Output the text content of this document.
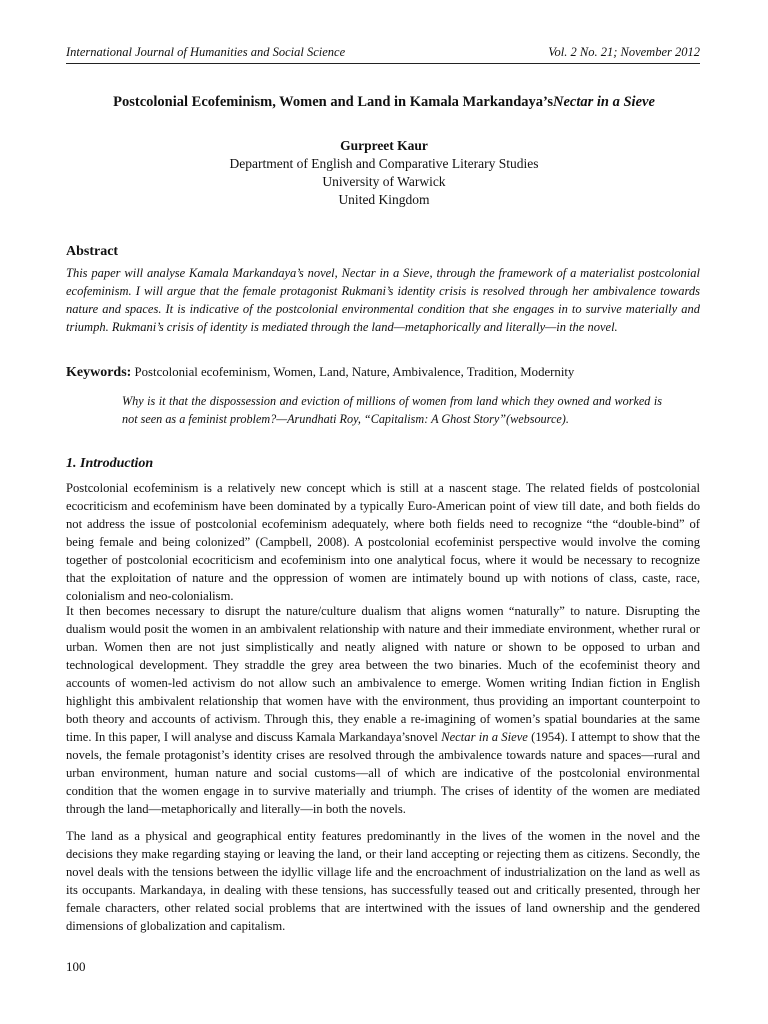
International Journal of Humanities and Social Science	Vol. 2 No. 21; November 2012
Postcolonial Ecofeminism, Women and Land in Kamala Markandaya’sNectar in a Sieve
Gurpreet Kaur
Department of English and Comparative Literary Studies
University of Warwick
United Kingdom
Abstract

This paper will analyse Kamala Markandaya’s novel, Nectar in a Sieve, through the framework of a materialist postcolonial ecofeminism. I will argue that the female protagonist Rukmani’s identity crisis is resolved through her ambivalence towards nature and spaces. It is indicative of the postcolonial environmental condition that she engages in to survive materially and triumph. Rukmani’s crisis of identity is mediated through the land—metaphorically and literally—in the novel.

Keywords: Postcolonial ecofeminism, Women, Land, Nature, Ambivalence, Tradition, Modernity

Why is it that the dispossession and eviction of millions of women from land which they owned and worked is not seen as a feminist problem?—Arundhati Roy, “Capitalism: A Ghost Story”(websource).

1. Introduction

Postcolonial ecofeminism is a relatively new concept which is still at a nascent stage. The related fields of postcolonial ecocriticism and ecofeminism have been dominated by a typically Euro-American point of view till date, and both fields do not address the issue of postcolonial ecofeminism adequately, where both fields need to recognize “the “double-bind” of being female and being colonized” (Campbell, 2008). A postcolonial ecofeminist perspective would involve the coming together of postcolonial ecocriticism and ecofeminism into one analytical focus, where it would be necessary to recognize that the exploitation of nature and the oppression of women are intimately bound up with notions of class, caste, race, colonialism and neo-colonialism.

It then becomes necessary to disrupt the nature/culture dualism that aligns women “naturally” to nature. Disrupting the dualism would posit the women in an ambivalent relationship with nature and their immediate environment, whether rural or urban. Women then are not just simplistically and neatly aligned with nature or shown to be opposed to urban and technological development. They straddle the grey area between the two binaries. Much of the ecofeminist theory and accounts of women-led activism do not allow such an ambivalence to emerge. Women writing Indian fiction in English highlight this ambivalent relationship that women have with the environment, thus providing an important counterpoint to both theory and accounts of activism. Through this, they enable a re-imagining of women’s spatial boundaries at the same time. In this paper, I will analyse and discuss Kamala Markandaya’snovel Nectar in a Sieve (1954). I attempt to show that the novels, the female protagonist’s identity crises are resolved through the ambivalence towards nature and spaces—rural and urban environment, human nature and social customs—all of which are indicative of the postcolonial environmental condition that the women engage in to survive materially and triumph. The crises of identity of the women are mediated through the land—metaphorically and literally—in both the novels.

The land as a physical and geographical entity features predominantly in the lives of the women in the novel and the decisions they make regarding staying or leaving the land, or their land accepting or rejecting them as citizens. Secondly, the novel deals with the tensions between the idyllic village life and the encroachment of industrialization on the land as well as its occupants. Markandaya, in dealing with these tensions, has successfully teased out and critically presented, through her female characters, other related social problems that are intertwined with the issues of land ownership and the gendered dimensions of globalization and capitalism.

100
